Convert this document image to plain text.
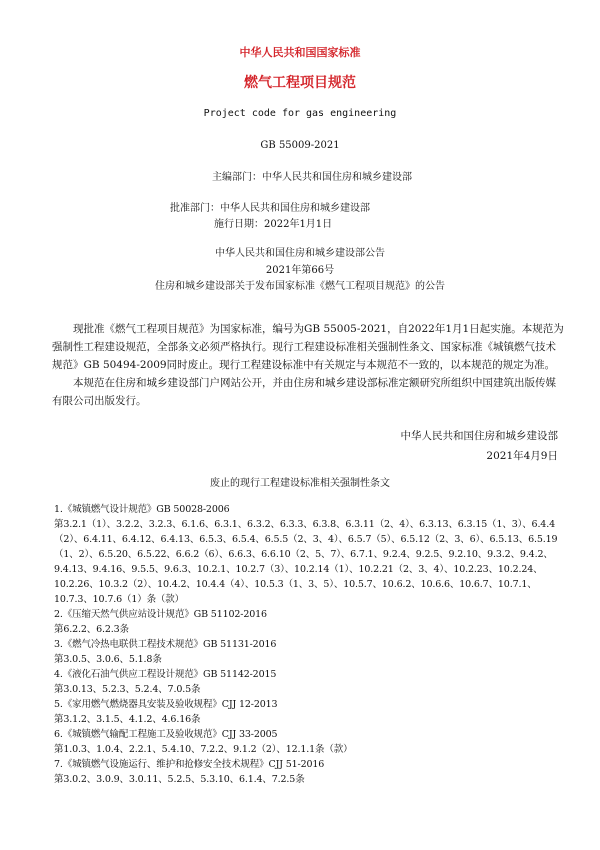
中华人民共和国国家标准
燃气工程项目规范
Project code for gas engineering
GB 55009-2021
主编部门：中华人民共和国住房和城乡建设部
批准部门：中华人民共和国住房和城乡建设部
施行日期：2022年1月1日
中华人民共和国住房和城乡建设部公告
2021年第66号
住房和城乡建设部关于发布国家标准《燃气工程项目规范》的公告

现批准《燃气工程项目规范》为国家标准，编号为GB 55005-2021，自2022年1月1日起实施。本规范为强制性工程建设规范，全部条文必须严格执行。现行工程建设标准相关强制性条文、国家标准《城镇燃气技术规范》GB 50494-2009同时废止。现行工程建设标准中有关规定与本规范不一致的，以本规范的规定为准。

本规范在住房和城乡建设部门户网站公开，并由住房和城乡建设部标准定额研究所组织中国建筑出版传媒有限公司出版发行。

中华人民共和国住房和城乡建设部
2021年4月9日
废止的现行工程建设标准相关强制性条文

1.《城镇燃气设计规范》GB 50028-2006

第3.2.1（1）、3.2.2、3.2.3、6.1.6、6.3.1、6.3.2、6.3.3、6.3.8、6.3.11（2、4）、6.3.13、6.3.15（1、3）、6.4.4（2）、6.4.11、6.4.12、6.4.13、6.5.3、6.5.4、6.5.5（2、3、4）、6.5.7（5）、6.5.12（2、3、6）、6.5.13、6.5.19（1、2）、6.5.20、6.5.22、6.6.2（6）、6.6.3、6.6.10（2、5、7）、6.7.1、9.2.4、9.2.5、9.2.10、9.3.2、9.4.2、9.4.13、9.4.16、9.5.5、9.6.3、10.2.1、10.2.7（3）、10.2.14（1）、10.2.21（2、3、4）、10.2.23、10.2.24、10.2.26、10.3.2（2）、10.4.2、10.4.4（4）、10.5.3（1、3、5）、10.5.7、10.6.2、10.6.6、10.6.7、10.7.1、10.7.3、10.7.6（1）条（款）

2.《压缩天然气供应站设计规范》GB 51102-2016

第6.2.2、6.2.3条

3.《燃气冷热电联供工程技术规范》GB 51131-2016

第3.0.5、3.0.6、5.1.8条

4.《液化石油气供应工程设计规范》GB 51142-2015

第3.0.13、5.2.3、5.2.4、7.0.5条

5.《家用燃气燃烧器具安装及验收规程》CJJ 12-2013

第3.1.2、3.1.5、4.1.2、4.6.16条

6.《城镇燃气输配工程施工及验收规范》CJJ 33-2005

第1.0.3、1.0.4、2.2.1、5.4.10、7.2.2、9.1.2（2）、12.1.1条（款）

7.《城镇燃气设施运行、维护和抢修安全技术规程》CJJ 51-2016

第3.0.2、3.0.9、3.0.11、5.2.5、5.3.10、6.1.4、7.2.5条
